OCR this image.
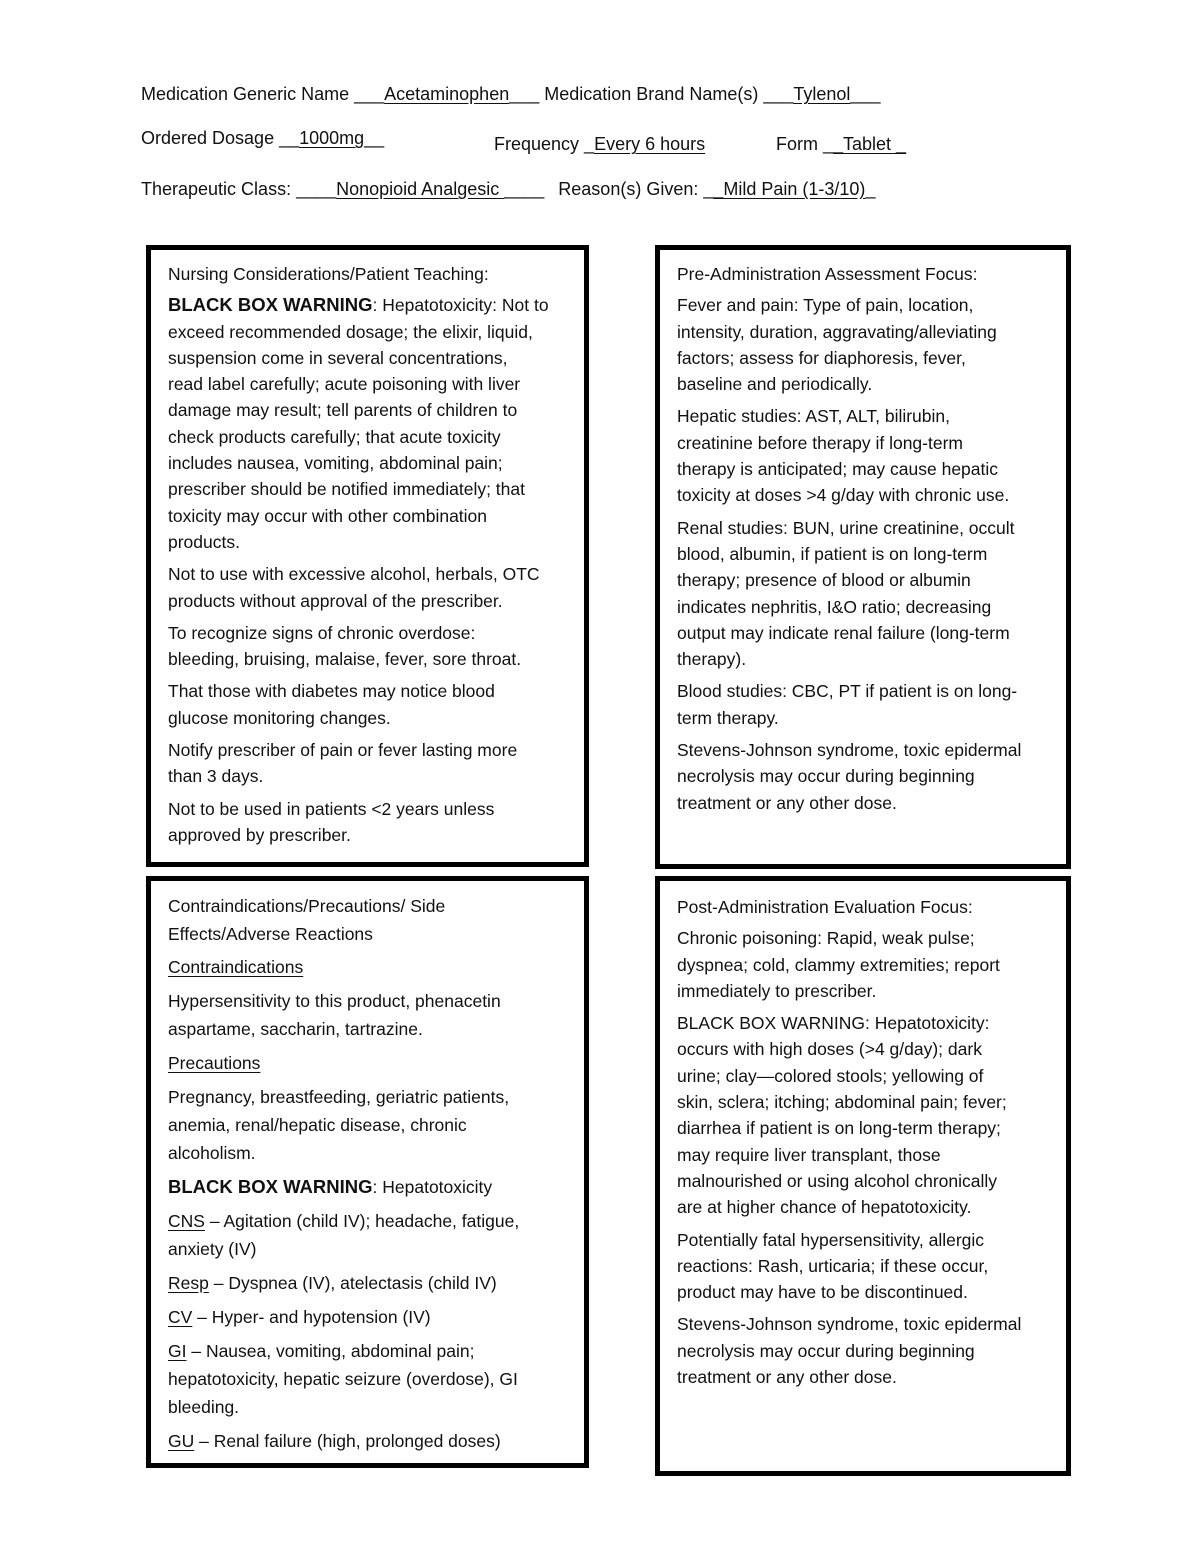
Medication Generic Name ___Acetaminophen___ Medication Brand Name(s) ___Tylenol___
Ordered Dosage __1000mg__	Frequency _Every 6 hours	Form __Tablet _
Therapeutic Class: ____Nonopioid Analgesic ____ Reason(s) Given: __Mild Pain (1-3/10)_

Nursing Considerations/Patient Teaching:

BLACK BOX WARNING: Hepatotoxicity: Not to
exceed recommended dosage; the elixir, liquid,
suspension come in several concentrations,
read label carefully; acute poisoning with liver
damage may result; tell parents of children to
check products carefully; that acute toxicity
includes nausea, vomiting, abdominal pain;
prescriber should be notified immediately; that
toxicity may occur with other combination
products.

Not to use with excessive alcohol, herbals, OTC
products without approval of the prescriber.

To recognize signs of chronic overdose:
bleeding, bruising, malaise, fever, sore throat.

That those with diabetes may notice blood
glucose monitoring changes.

Notify prescriber of pain or fever lasting more
than 3 days.

Not to be used in patients <2 years unless
approved by prescriber.

Pre-Administration Assessment Focus:

Fever and pain: Type of pain, location,
intensity, duration, aggravating/alleviating
factors; assess for diaphoresis, fever,
baseline and periodically.

Hepatic studies: AST, ALT, bilirubin,
creatinine before therapy if long-term
therapy is anticipated; may cause hepatic
toxicity at doses >4 g/day with chronic use.

Renal studies: BUN, urine creatinine, occult
blood, albumin, if patient is on long-term
therapy; presence of blood or albumin
indicates nephritis, I&O ratio; decreasing
output may indicate renal failure (long-term
therapy).

Blood studies: CBC, PT if patient is on long-
term therapy.

Stevens-Johnson syndrome, toxic epidermal
necrolysis may occur during beginning
treatment or any other dose.

Contraindications/Precautions/ Side
Effects/Adverse Reactions

Contraindications

Hypersensitivity to this product, phenacetin
aspartame, saccharin, tartrazine.

Precautions

Pregnancy, breastfeeding, geriatric patients,
anemia, renal/hepatic disease, chronic
alcoholism.

BLACK BOX WARNING: Hepatotoxicity

CNS – Agitation (child IV); headache, fatigue,
anxiety (IV)

Resp – Dyspnea (IV), atelectasis (child IV)

CV – Hyper- and hypotension (IV)

GI – Nausea, vomiting, abdominal pain;
hepatotoxicity, hepatic seizure (overdose), GI
bleeding.

GU – Renal failure (high, prolonged doses)

Post-Administration Evaluation Focus:

Chronic poisoning: Rapid, weak pulse;
dyspnea; cold, clammy extremities; report
immediately to prescriber.

BLACK BOX WARNING: Hepatotoxicity:
occurs with high doses (>4 g/day); dark
urine; clay—colored stools; yellowing of
skin, sclera; itching; abdominal pain; fever;
diarrhea if patient is on long-term therapy;
may require liver transplant, those
malnourished or using alcohol chronically
are at higher chance of hepatotoxicity.

Potentially fatal hypersensitivity, allergic
reactions: Rash, urticaria; if these occur,
product may have to be discontinued.

Stevens-Johnson syndrome, toxic epidermal
necrolysis may occur during beginning
treatment or any other dose.
